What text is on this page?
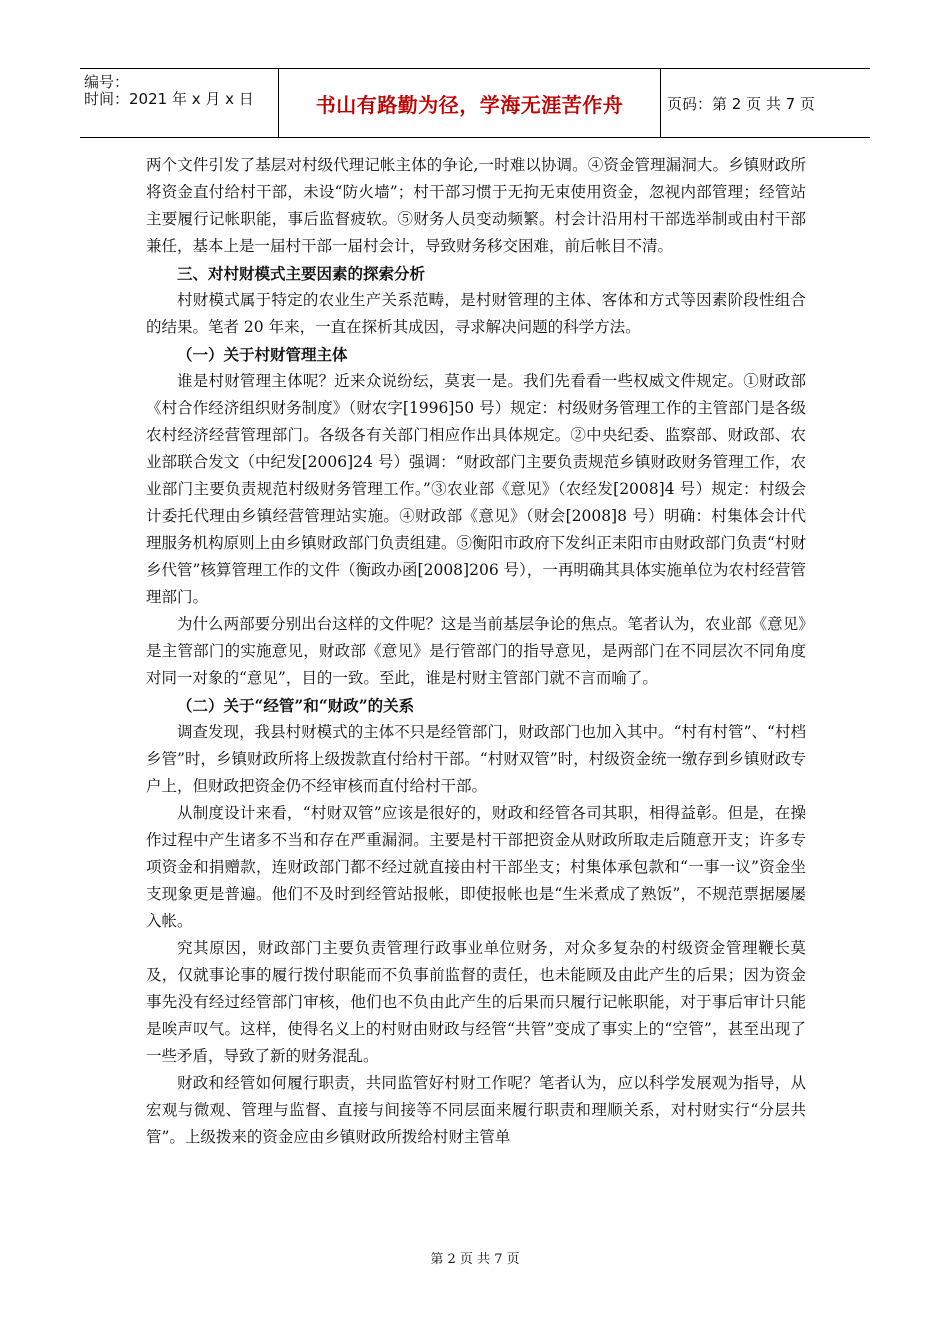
编号：
时间：2021 年 x 月 x 日	书山有路勤为径，学海无涯苦作舟	页码：第 2 页 共 7 页

两个文件引发了基层对村级代理记帐主体的争论,一时难以协调。④资金管理漏洞大。乡镇财政所将资金直付给村干部，未设“防火墙”；村干部习惯于无拘无束使用资金，忽视内部管理；经管站主要履行记帐职能，事后监督疲软。⑤财务人员变动频繁。村会计沿用村干部选举制或由村干部兼任，基本上是一届村干部一届村会计，导致财务移交困难，前后帐目不清。

三、对村财模式主要因素的探索分析

村财模式属于特定的农业生产关系范畴，是村财管理的主体、客体和方式等因素阶段性组合的结果。笔者 20 年来，一直在探析其成因，寻求解决问题的科学方法。

（一）关于村财管理主体

谁是村财管理主体呢？近来众说纷纭，莫衷一是。我们先看看一些权威文件规定。①财政部《村合作经济组织财务制度》（财农字[1996]50 号）规定：村级财务管理工作的主管部门是各级农村经济经营管理部门。各级各有关部门相应作出具体规定。②中央纪委、监察部、财政部、农业部联合发文（中纪发[2006]24 号）强调：“财政部门主要负责规范乡镇财政财务管理工作，农业部门主要负责规范村级财务管理工作。”③农业部《意见》（农经发[2008]4 号）规定：村级会计委托代理由乡镇经营管理站实施。④财政部《意见》（财会[2008]8 号）明确：村集体会计代理服务机构原则上由乡镇财政部门负责组建。⑤衡阳市政府下发纠正耒阳市由财政部门负责“村财乡代管”核算管理工作的文件（衡政办函[2008]206 号），一再明确其具体实施单位为农村经营管理部门。

为什么两部要分别出台这样的文件呢？这是当前基层争论的焦点。笔者认为，农业部《意见》是主管部门的实施意见，财政部《意见》是行管部门的指导意见，是两部门在不同层次不同角度对同一对象的“意见”，目的一致。至此，谁是村财主管部门就不言而喻了。

（二）关于“经管”和“财政”的关系

调查发现，我县村财模式的主体不只是经管部门，财政部门也加入其中。“村有村管”、“村档乡管”时，乡镇财政所将上级拨款直付给村干部。“村财双管”时，村级资金统一缴存到乡镇财政专户上，但财政把资金仍不经审核而直付给村干部。

从制度设计来看，“村财双管”应该是很好的，财政和经管各司其职，相得益彰。但是，在操作过程中产生诸多不当和存在严重漏洞。主要是村干部把资金从财政所取走后随意开支；许多专项资金和捐赠款，连财政部门都不经过就直接由村干部坐支；村集体承包款和“一事一议”资金坐支现象更是普遍。他们不及时到经管站报帐，即使报帐也是“生米煮成了熟饭”，不规范票据屡屡入帐。

究其原因，财政部门主要负责管理行政事业单位财务，对众多复杂的村级资金管理鞭长莫及，仅就事论事的履行拨付职能而不负事前监督的责任，也未能顾及由此产生的后果；因为资金事先没有经过经管部门审核，他们也不负由此产生的后果而只履行记帐职能，对于事后审计只能是唉声叹气。这样，使得名义上的村财由财政与经管“共管”变成了事实上的“空管”，甚至出现了一些矛盾，导致了新的财务混乱。

财政和经管如何履行职责，共同监管好村财工作呢？笔者认为，应以科学发展观为指导，从宏观与微观、管理与监督、直接与间接等不同层面来履行职责和理顺关系，对村财实行“分层共管”。上级拨来的资金应由乡镇财政所拨给村财主管单

第 2 页 共 7 页
